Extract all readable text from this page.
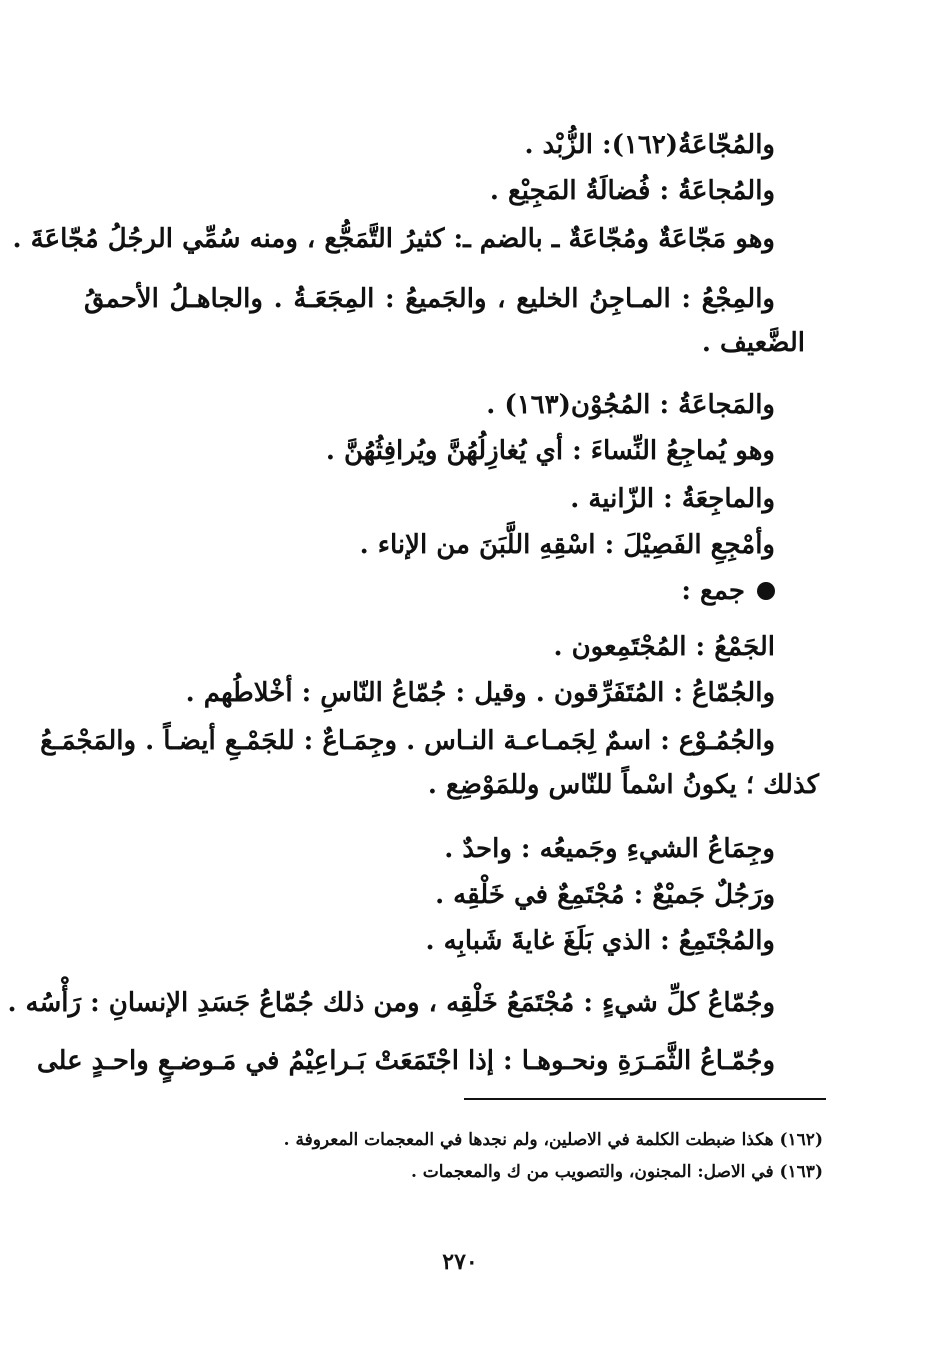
والمُجّاعَةُ(١٦٢): الزُّبْد .
والمُجاعَةُ : فُضالَةُ المَجِيْع .
وهو مَجّاعَةٌ ومُجّاعَةٌ ـ بالضم ـ: كثيرُ التَّمَجُّع ، ومنه سُمِّي الرجُلُ مُجّاعَةَ .
والمِجْعُ : المـاجِنُ الخليع ، والجَميعُ : المِجَعَـةُ . والجاهـلُ الأحمقُ
الضَّعيف .
والمَجاعَةُ : المُجُوْن(١٦٣) .
وهو يُماجِعُ النِّساءَ : أي يُغازِلُهُنَّ ويُرافِثُهُنَّ .
والماجِعَةُ : الزّانية .
وأمْجِعِ الفَصِيْلَ : اسْقِهِ اللَّبَنَ من الإناء .
جمع :
الجَمْعُ : المُجْتَمِعون .
والجُمّاعُ : المُتَفَرِّقون . وقيل : جُمّاعُ النّاسِ : أخْلاطُهم .
والجُمُـوْع : اسمٌ لِجَمـاعـة النـاس . وجِمَـاعٌ : للجَمْـعِ أيضـاً . والمَجْمَـعُ
كذلك ؛ يكونُ اسْماً للنّاس وللمَوْضِع .
وجِمَاعُ الشيءِ وجَميعُه : واحدٌ .
ورَجُلٌ جَميْعٌ : مُجْتَمِعٌ في خَلْقِه .
والمُجْتَمِعُ : الذي بَلَغَ غايةَ شَبابِه .
وجُمّاعُ كلِّ شيءٍ : مُجْتَمَعُ خَلْقِه ، ومن ذلك جُمّاعُ جَسَدِ الإنسانِ : رَأْسُه .
وجُمّـاعُ الثَّمَـرَةِ ونحـوهـا : إذا اجْتَمَعَتْ بَـراعِيْمُ في مَـوضـعٍ واحـدٍ على
(١٦٢) هكذا ضبطت الكلمة في الاصلين، ولم نجدها في المعجمات المعروفة .
(١٦٣) في الاصل: المجنون، والتصويب من ك والمعجمات .
٢٧٠
